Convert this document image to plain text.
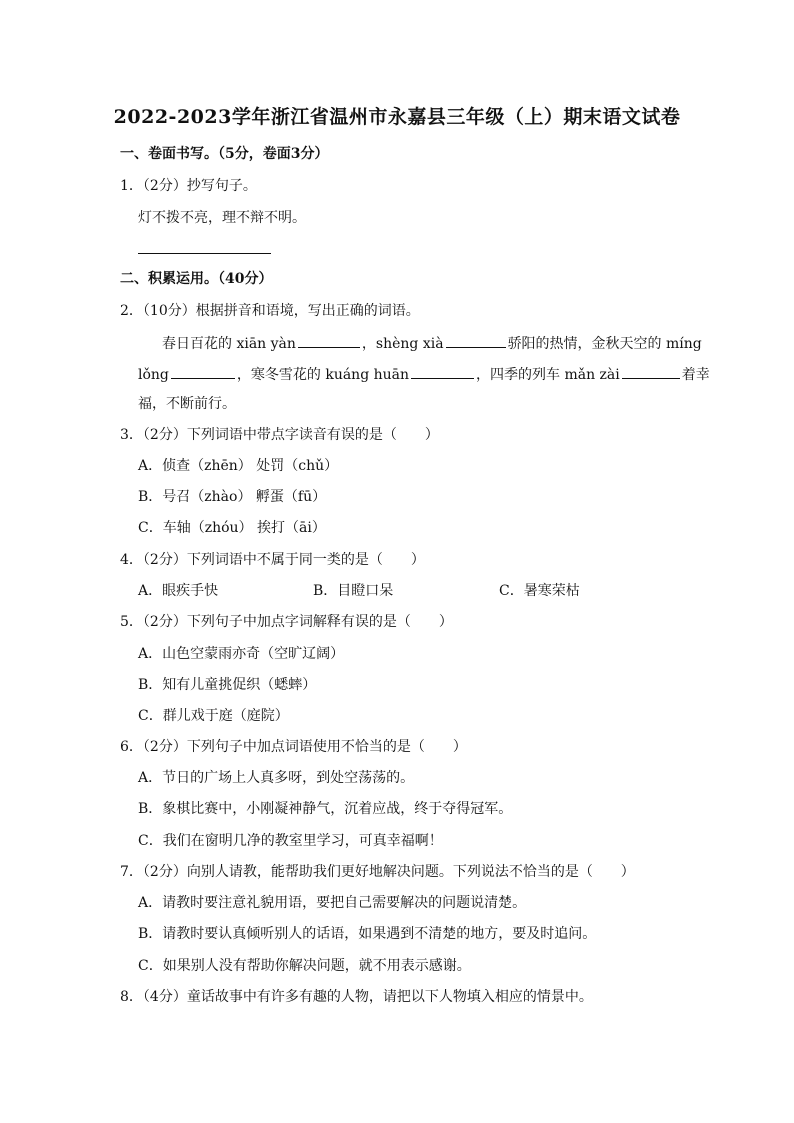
2022-2023学年浙江省温州市永嘉县三年级（上）期末语文试卷
一、卷面书写。（5分，卷面3分）
1．（2分）抄写句子。
灯不拨不亮，理不辩不明。
二、积累运用。（40分）
2．（10分）根据拼音和语境，写出正确的词语。
春日百花的 xiān yàn	，shèng xià	骄阳的热情，金秋天空的 míng
lǒng	，寒冬雪花的 kuáng huān	，四季的列车 mǎn zài	着幸
福，不断前行。
3．（2分）下列词语中带点字读音有误的是（　　）
A．侦查（zhēn） 处罚（chǔ）
B．号召（zhào） 孵蛋（fū）
C．车轴（zhóu） 挨打（āi）
4．（2分）下列词语中不属于同一类的是（　　）
A．眼疾手快	B．目瞪口呆	C．暑寒荣枯
5．（2分）下列句子中加点字词解释有误的是（　　）
A．山色空蒙雨亦奇（空旷辽阔）
B．知有儿童挑促织（蟋蟀）
C．群儿戏于庭（庭院）
6．（2分）下列句子中加点词语使用不恰当的是（　　）
A．节日的广场上人真多呀，到处空荡荡的。
B．象棋比赛中，小刚凝神静气，沉着应战，终于夺得冠军。
C．我们在窗明几净的教室里学习，可真幸福啊！
7．（2分）向别人请教，能帮助我们更好地解决问题。下列说法不恰当的是（　　）
A．请教时要注意礼貌用语，要把自己需要解决的问题说清楚。
B．请教时要认真倾听别人的话语，如果遇到不清楚的地方，要及时追问。
C．如果别人没有帮助你解决问题，就不用表示感谢。
8．（4分）童话故事中有许多有趣的人物，请把以下人物填入相应的情景中。
